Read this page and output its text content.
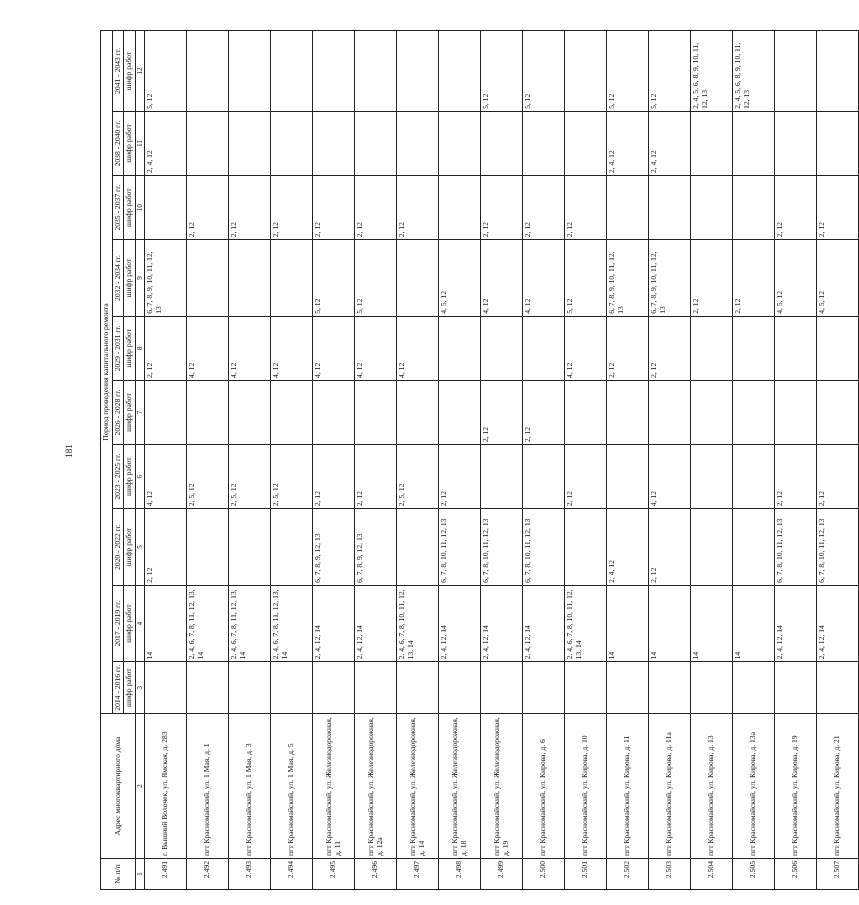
181
№ п/п	Адрес многоквартирного дома	Период проведения капитального ремонта									
		2014 - 2016 гг.	2017 - 2019 гг.	2020 - 2022 гг.	2023 - 2025 гг.	2026 - 2028 гг.	2029 - 2031 гг.	2032 - 2034 гг.	2035 - 2037 гг.	2038 - 2040 гг.	2041 - 2043 гг.
		шифр работ	шифр работ	шифр работ	шифр работ	шифр работ	шифр работ	шифр работ	шифр работ	шифр работ	шифр работ
1	2	3	4	5	6	7	8	9	10	11	12
2.491	г. Вышний Волочек, ул. Ямская, д. 283		14	2, 12	4, 12		2, 12	6, 7, 8, 9, 10, 11, 12, 13		2, 4, 12	5, 12
2.492	пгт Красномайский, ул. 1 Мая, д. 1		2, 4, 6, 7, 8, 11, 12, 13, 14		2, 5, 12		4, 12		2, 12		
2.493	пгт Красномайский, ул. 1 Мая, д. 3		2, 4, 6, 7, 8, 11, 12, 13, 14		2, 5, 12		4, 12		2, 12		
2.494	пгт Красномайский, ул. 1 Мая, д. 5		2, 4, 6, 7, 8, 11, 12, 13, 14		2, 5, 12		4, 12		2, 12		
2.495	пгт Красномайский, ул. Железнодорожная, д. 11		2, 4, 12, 14	6, 7, 8, 9, 12, 13	2, 12		4, 12	5, 12	2, 12		
2.496	пгт Красномайский, ул. Железнодорожная, д. 12а		2, 4, 12, 14	6, 7, 8, 9, 12, 13	2, 12		4, 12	5, 12	2, 12		
2.497	пгт Красномайский, ул. Железнодорожная, д. 14		2, 4, 6, 7, 8, 10, 11, 12, 13, 14		2, 5, 12		4, 12		2, 12		
2.498	пгт Красномайский, ул. Железнодорожная, д. 18		2, 4, 12, 14	6, 7, 8, 10, 11, 12, 13	2, 12			4, 5, 12			
2.499	пгт Красномайский, ул. Железнодорожная, д. 19		2, 4, 12, 14	6, 7, 8, 10, 11, 12, 13		2, 12		4, 12	2, 12		5, 12
2.500	пгт Красномайский, ул. Кирова, д. 6		2, 4, 12, 14	6, 7, 8, 10, 11, 12, 13		2, 12		4, 12	2, 12		5, 12
2.501	пгт Красномайский, ул. Кирова, д. 10		2, 4, 6, 7, 8, 10, 11, 12, 13, 14		2, 12		4, 12	5, 12	2, 12		
2.502	пгт Красномайский, ул. Кирова, д. 11		14	2, 4, 12			2, 12	6, 7, 8, 9, 10, 11, 12, 13		2, 4, 12	5, 12
2.503	пгт Красномайский, ул. Кирова, д. 11а		14	2, 12	4, 12		2, 12	6, 7, 8, 9, 10, 11, 12, 13		2, 4, 12	5, 12
2.504	пгт Красномайский, ул. Кирова, д. 13		14					2, 12			2, 4, 5, 6, 8, 9, 10, 11, 12, 13
2.505	пгт Красномайский, ул. Кирова, д. 13а		14					2, 12			2, 4, 5, 6, 8, 9, 10, 11, 12, 13
2.506	пгт Красномайский, ул. Кирова, д. 19		2, 4, 12, 14	6, 7, 8, 10, 11, 12, 13	2, 12			4, 5, 12	2, 12		
2.507	пгт Красномайский, ул. Кирова, д. 21		2, 4, 12, 14	6, 7, 8, 10, 11, 12, 13	2, 12			4, 5, 12	2, 12		
